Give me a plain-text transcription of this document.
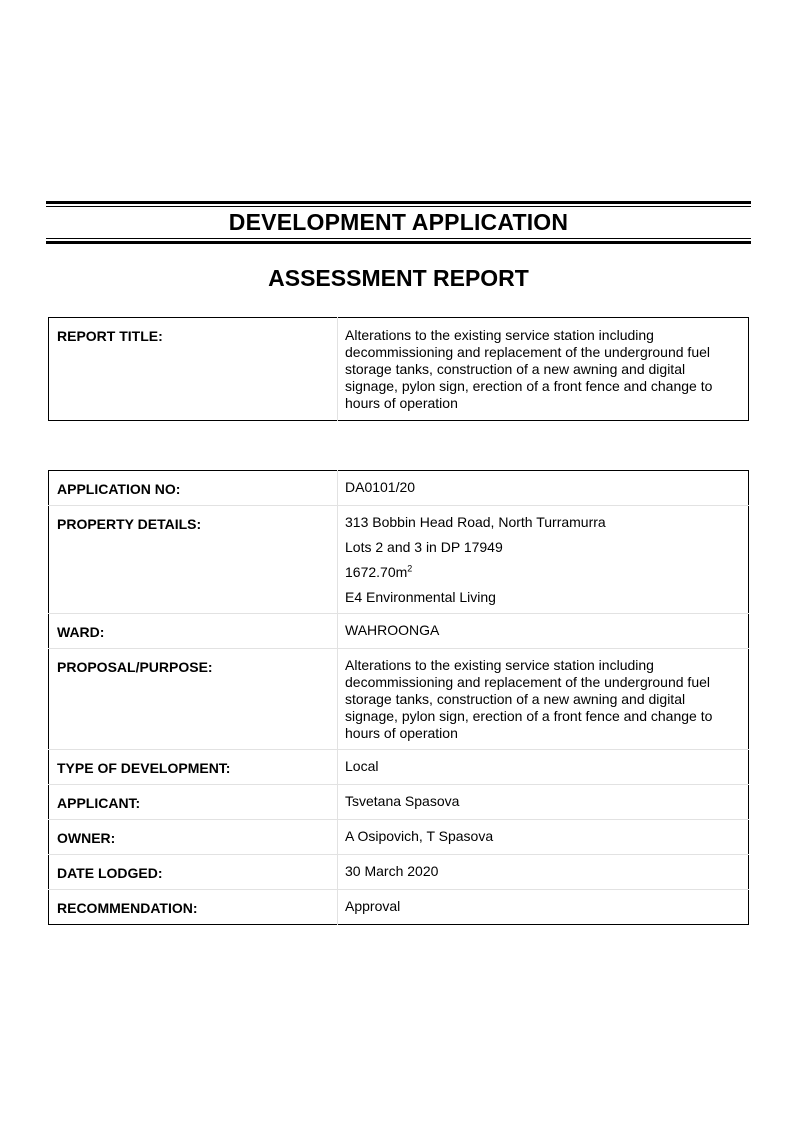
DEVELOPMENT APPLICATION
ASSESSMENT REPORT
REPORT TITLE:	Alterations to the existing service station including decommissioning and replacement of the underground fuel storage tanks, construction of a new awning and digital signage, pylon sign, erection of a front fence and change to hours of operation
APPLICATION NO:	DA0101/20
PROPERTY DETAILS:	313 Bobbin Head Road, North Turramurra

Lots 2 and 3 in DP 17949

$1672.70m^2$

E4 Environmental Living

WARD:	WAHROONGA
PROPOSAL/PURPOSE:	Alterations to the existing service station including decommissioning and replacement of the underground fuel storage tanks, construction of a new awning and digital signage, pylon sign, erection of a front fence and change to hours of operation
TYPE OF DEVELOPMENT:	Local
APPLICANT:	Tsvetana Spasova
OWNER:	A Osipovich, T Spasova
DATE LODGED:	30 March 2020
RECOMMENDATION:	Approval
